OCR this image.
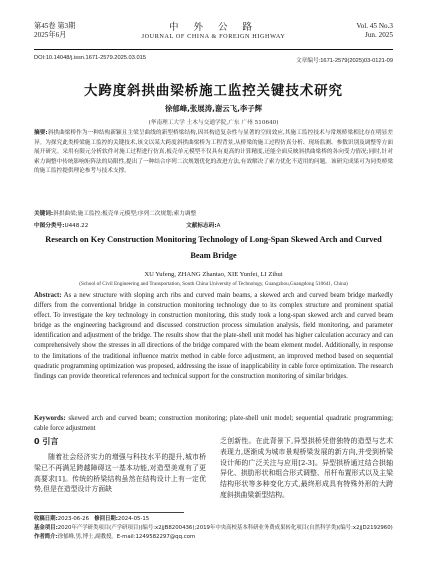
第45卷 第3期
2025年6月
中 外 公 路
JOURNAL OF CHINA & FOREIGN HIGHWAY
Vol. 45 No.3
Jun. 2025
DOI:10.14048/j.issn.1671-2579.2025.03.015	文章编号:1671-2579(2025)03-0121-09
大跨度斜拱曲梁桥施工监控关键技术研究
徐郁峰,张展涛,谢云飞,李子辉
(华南理工大学 土木与交通学院,广东 广州 510640)
摘要:斜拱曲梁桥作为一种结构新颖且主梁呈曲线的新型桥梁结构,因其构造复杂性与显著的空间效应,其施工监控技术与常规桥梁相比存在明显差异。为探究此类桥梁施工监控的关键技术,该文以某大跨度斜拱曲梁桥为工程背景,从桥梁的施工过程仿真分析、现场监测、参数识别及调整等方面展开研究。采用有限元分析软件对施工过程进行仿真,板壳单元模型不仅具有更高的计算精度,还能全面反映斜拱曲梁桥的各向受力情况;同时,针对索力调整中传统影响矩阵法的局限性,提出了一种结合序列二次规划优化的改进方法,有效解决了索力优化不适用的问题。该研究成果可为同类桥梁的施工监控提供理论参考与技术支撑。
关键词:斜拱曲梁;施工监控;板壳单元模型;序列二次规划;索力调整
中图分类号:U448.22	文献标志码:A
Research on Key Construction Monitoring Technology of Long-Span Skewed Arch and Curved Beam Bridge
XU Yufeng, ZHANG Zhantao, XIE Yunfei, LI Zihui
(School of Civil Engineering and Transportation, South China University of Technology, Guangzhou,Guangdong 510641, China)
Abstract: As a new structure with sloping arch ribs and curved main beams, a skewed arch and curved beam bridge markedly differs from the conventional bridge in construction monitoring technology due to its complex structure and prominent spatial effect. To investigate the key technology in construction monitoring, this study took a long-span skewed arch and curved beam bridge as the engineering background and discussed construction process simulation analysis, field monitoring, and parameter identification and adjustment of the bridge. The results show that the plate-shell unit model has higher calculation accuracy and can comprehensively show the stresses in all directions of the bridge compared with the beam element model. Additionally, in response to the limitations of the traditional influence matrix method in cable force adjustment, an improved method based on sequential quadratic programming optimization was proposed, addressing the issue of inapplicability in cable force optimization. The research findings can provide theoretical references and technical support for the construction monitoring of similar bridges.
Keywords: skewed arch and curved beam; construction monitoring; plate-shell unit model; sequential quadratic programming; cable force adjustment
0 引言
随着社会经济实力的增强与科技水平的提升,城市桥梁已不再满足跨越障碍这一基本功能,对造型美观有了更高要求[1]。传统的桥梁结构虽然在结构设计上有一定优势,但是在造型设计方面缺
乏创新性。在此背景下,异型拱桥凭借独特的造型与艺术表现力,逐渐成为城市景观桥梁发展的新方向,并受到桥梁设计师的广泛关注与应用[2-3]。异型拱桥通过结合拱轴异化、拱肋形状和组合形式调整、吊杆布置形式以及主梁结构形状等多种变化方式,最终形成具有特殊外形的大跨度斜拱曲梁新型结构。
收稿日期:2023-06-26 修回日期:2024-05-15
基金项目:2020年产学研类项目(产学研项目)(编号:x2jjB8200436);2019年中央高校基本科研业务费成果转化项目(自然科学类)(编号:x2jjD2192960)
作者简介:徐郁峰,男,博士,副教授。E-mail:1249582297@qq.com
